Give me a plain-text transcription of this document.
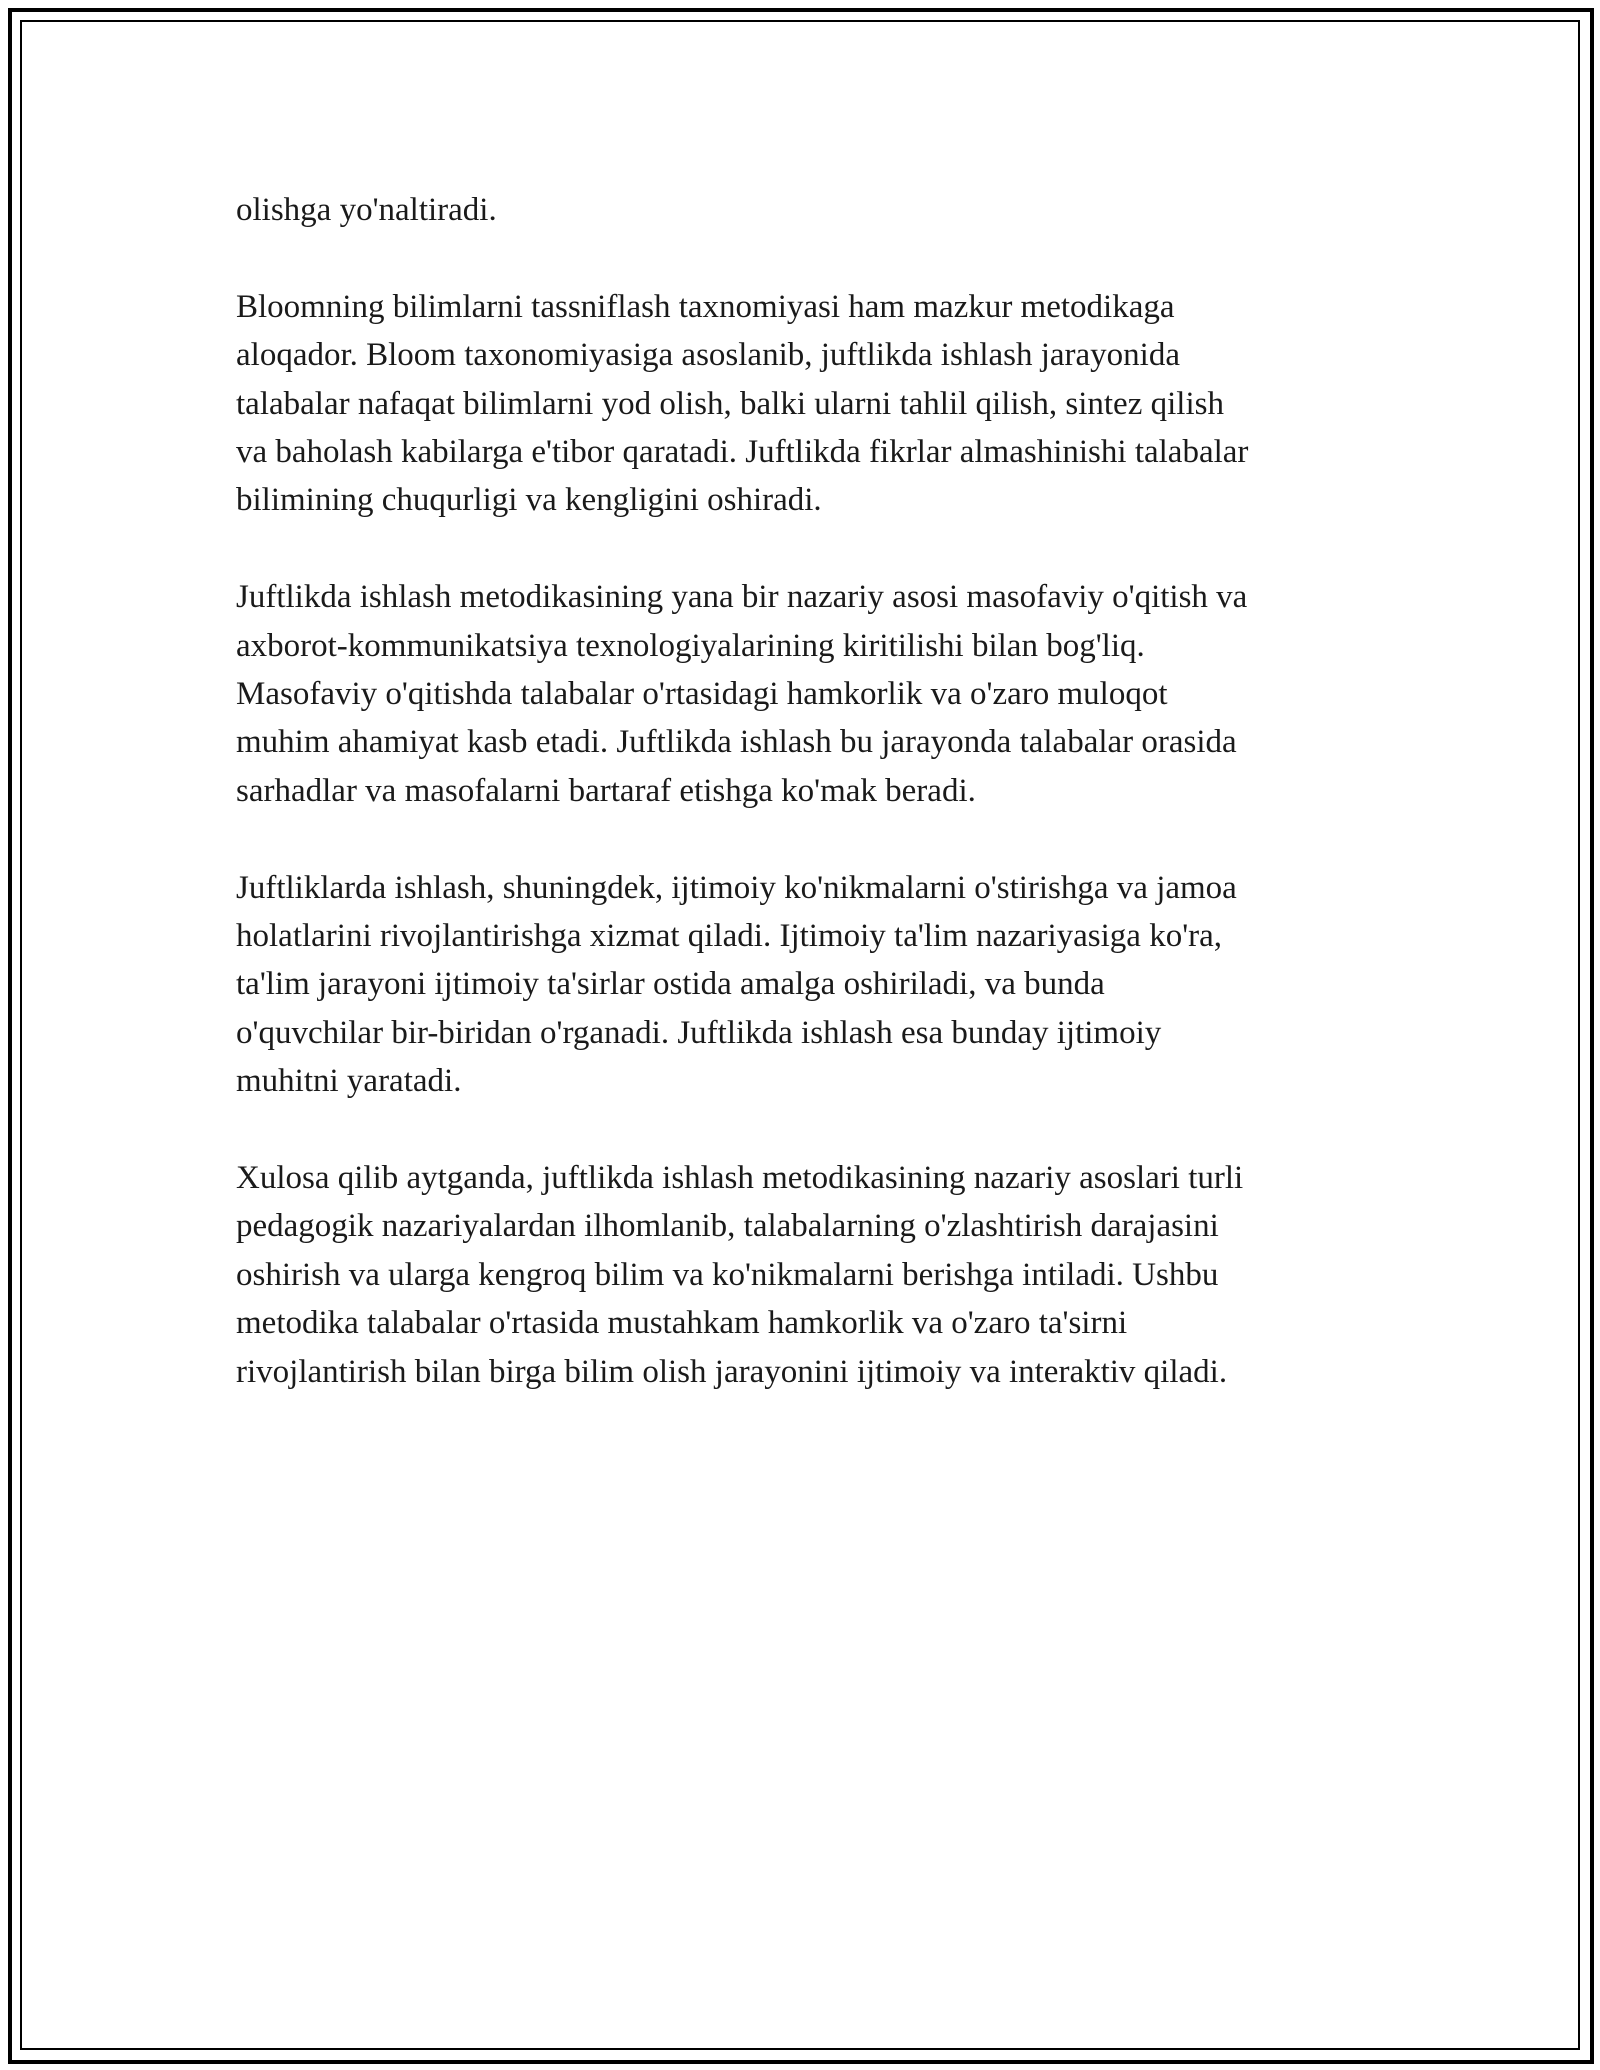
olishga yo'naltiradi.

Bloomning bilimlarni tassniflash taxnomiyasi ham mazkur metodikaga
aloqador. Bloom taxonomiyasiga asoslanib, juftlikda ishlash jarayonida
talabalar nafaqat bilimlarni yod olish, balki ularni tahlil qilish, sintez qilish
va baholash kabilarga e'tibor qaratadi. Juftlikda fikrlar almashinishi talabalar
bilimining chuqurligi va kengligini oshiradi.

Juftlikda ishlash metodikasining yana bir nazariy asosi masofaviy o'qitish va
axborot-kommunikatsiya texnologiyalarining kiritilishi bilan bog'liq.
Masofaviy o'qitishda talabalar o'rtasidagi hamkorlik va o'zaro muloqot
muhim ahamiyat kasb etadi. Juftlikda ishlash bu jarayonda talabalar orasida
sarhadlar va masofalarni bartaraf etishga ko'mak beradi.

Juftliklarda ishlash, shuningdek, ijtimoiy ko'nikmalarni o'stirishga va jamoa
holatlarini rivojlantirishga xizmat qiladi. Ijtimoiy ta'lim nazariyasiga ko'ra,
ta'lim jarayoni ijtimoiy ta'sirlar ostida amalga oshiriladi, va bunda
o'quvchilar bir-biridan o'rganadi. Juftlikda ishlash esa bunday ijtimoiy
muhitni yaratadi.

Xulosa qilib aytganda, juftlikda ishlash metodikasining nazariy asoslari turli
pedagogik nazariyalardan ilhomlanib, talabalarning o'zlashtirish darajasini
oshirish va ularga kengroq bilim va ko'nikmalarni berishga intiladi. Ushbu
metodika talabalar o'rtasida mustahkam hamkorlik va o'zaro ta'sirni
rivojlantirish bilan birga bilim olish jarayonini ijtimoiy va interaktiv qiladi.
